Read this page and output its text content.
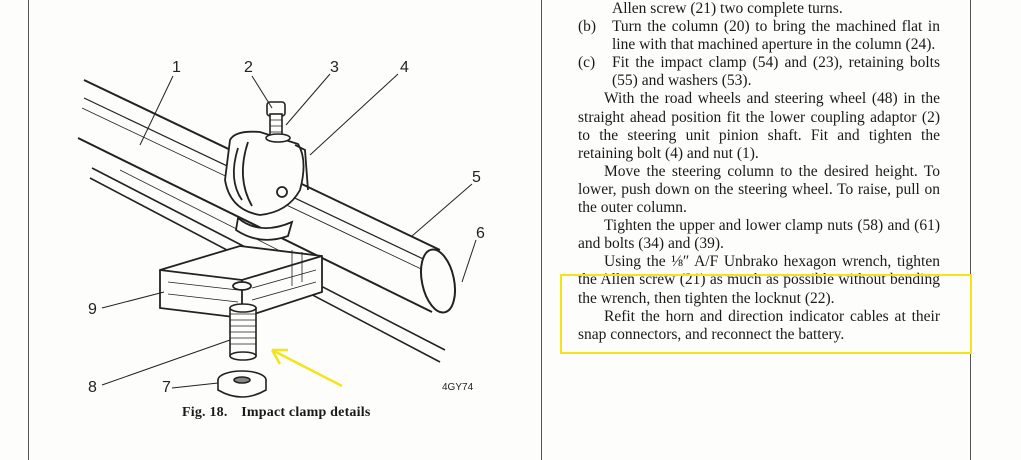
1	2	3	4
5
6
7
8
9
4GY74
Fig. 18. Impact clamp details

Allen screw (21) two complete turns.

(b)	Turn the column (20) to bring the machined flat in line with that machined aperture in the column (24).
(c)	Fit the impact clamp (54) and (23), retaining bolts (55) and washers (53).

With the road wheels and steering wheel (48) in the straight ahead position fit the lower coupling adaptor (2) to the steering unit pinion shaft. Fit and tighten the retaining bolt (4) and nut (1).

Move the steering column to the desired height. To lower, push down on the steering wheel. To raise, pull on the outer column.

Tighten the upper and lower clamp nuts (58) and (61) and bolts (34) and (39).

Using the ⅛″ A/F Unbrako hexagon wrench, tighten the Allen screw (21) as much as possible without bending the wrench, then tighten the locknut (22).

Refit the horn and direction indicator cables at their snap connectors, and reconnect the battery.
